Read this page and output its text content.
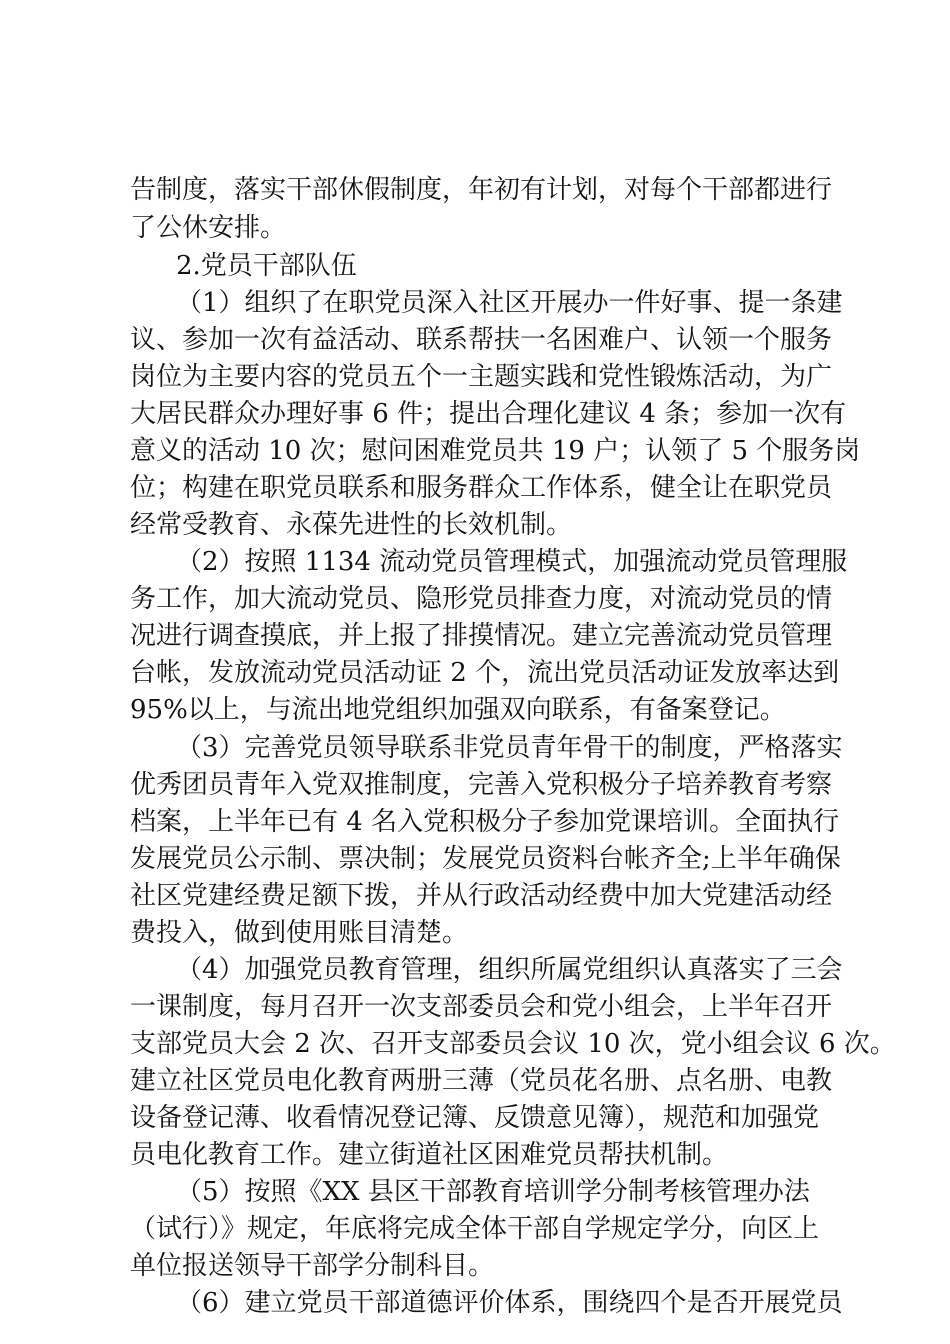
告制度，落实干部休假制度，年初有计划，对每个干部都进行
了公休安排。
2.党员干部队伍
（1）组织了在职党员深入社区开展办一件好事、提一条建
议、参加一次有益活动、联系帮扶一名困难户、认领一个服务
岗位为主要内容的党员五个一主题实践和党性锻炼活动，为广
大居民群众办理好事 6 件；提出合理化建议 4 条；参加一次有
意义的活动 10 次；慰问困难党员共 19 户；认领了 5 个服务岗
位；构建在职党员联系和服务群众工作体系，健全让在职党员
经常受教育、永葆先进性的长效机制。
（2）按照 1134 流动党员管理模式，加强流动党员管理服
务工作，加大流动党员、隐形党员排查力度，对流动党员的情
况进行调查摸底，并上报了排摸情况。建立完善流动党员管理
台帐，发放流动党员活动证 2 个，流出党员活动证发放率达到
95%以上，与流出地党组织加强双向联系，有备案登记。
（3）完善党员领导联系非党员青年骨干的制度，严格落实
优秀团员青年入党双推制度，完善入党积极分子培养教育考察
档案，上半年已有 4 名入党积极分子参加党课培训。全面执行
发展党员公示制、票决制；发展党员资料台帐齐全;上半年确保
社区党建经费足额下拨，并从行政活动经费中加大党建活动经
费投入，做到使用账目清楚。
（4）加强党员教育管理，组织所属党组织认真落实了三会
一课制度，每月召开一次支部委员会和党小组会，上半年召开
支部党员大会 2 次、召开支部委员会议 10 次，党小组会议 6 次。
建立社区党员电化教育两册三薄（党员花名册、点名册、电教
设备登记薄、收看情况登记簿、反馈意见簿），规范和加强党
员电化教育工作。建立街道社区困难党员帮扶机制。
（5）按照《XX 县区干部教育培训学分制考核管理办法
（试行）》规定，年底将完成全体干部自学规定学分，向区上
单位报送领导干部学分制科目。
（6）建立党员干部道德评价体系，围绕四个是否开展党员
